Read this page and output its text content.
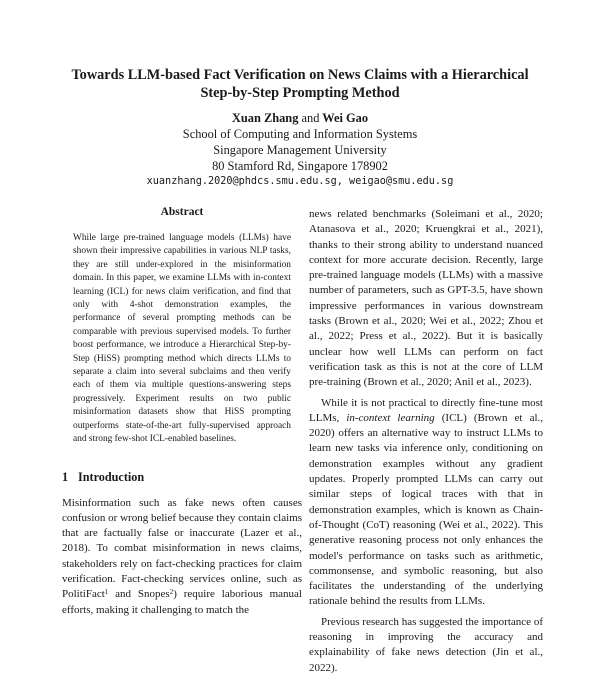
Towards LLM-based Fact Verification on News Claims with a Hierarchical
Step-by-Step Prompting Method
Xuan Zhang and Wei Gao
School of Computing and Information Systems
Singapore Management University
80 Stamford Rd, Singapore 178902
xuanzhang.2020@phdcs.smu.edu.sg, weigao@smu.edu.sg
Abstract
While large pre-trained language models (LLMs) have shown their impressive capabilities in various NLP tasks, they are still under-explored in the misinformation domain. In this paper, we examine LLMs with in-context learning (ICL) for news claim verification, and find that only with 4-shot demonstration examples, the performance of several prompting methods can be comparable with previous supervised models. To further boost performance, we introduce a Hierarchical Step-by-Step (HiSS) prompting method which directs LLMs to separate a claim into several subclaims and then verify each of them via multiple questions-answering steps progressively. Experiment results on two public misinformation datasets show that HiSS prompting outperforms state-of-the-art fully-supervised approach and strong few-shot ICL-enabled baselines.
1 Introduction

Misinformation such as fake news often causes confusion or wrong belief because they contain claims that are factually false or inaccurate (Lazer et al., 2018). To combat misinformation in news claims, stakeholders rely on fact-checking practices for claim verification. Fact-checking services online, such as PolitiFact$^1$ and Snopes$^2$) require laborious manual efforts, making it challenging to match the

news related benchmarks (Soleimani et al., 2020; Atanasova et al., 2020; Kruengkrai et al., 2021), thanks to their strong ability to understand nuanced context for more accurate decision. Recently, large pre-trained language models (LLMs) with a massive number of parameters, such as GPT-3.5, have shown impressive performances in various downstream tasks (Brown et al., 2020; Wei et al., 2022; Zhou et al., 2022; Press et al., 2022). But it is basically unclear how well LLMs can perform on fact verification task as this is not at the core of LLM pre-training (Brown et al., 2020; Anil et al., 2023).

While it is not practical to directly fine-tune most LLMs, in-context learning (ICL) (Brown et al., 2020) offers an alternative way to instruct LLMs to learn new tasks via inference only, conditioning on demonstration examples without any gradient updates. Properly prompted LLMs can carry out similar steps of logical traces with that in demonstration examples, which is known as Chain-of-Thought (CoT) reasoning (Wei et al., 2022). This generative reasoning process not only enhances the model's performance on tasks such as arithmetic, commonsense, and symbolic reasoning, but also facilitates the understanding of the underlying rationale behind the results from LLMs.

Previous research has suggested the importance of reasoning in improving the accuracy and explainability of fake news detection (Jin et al., 2022).
